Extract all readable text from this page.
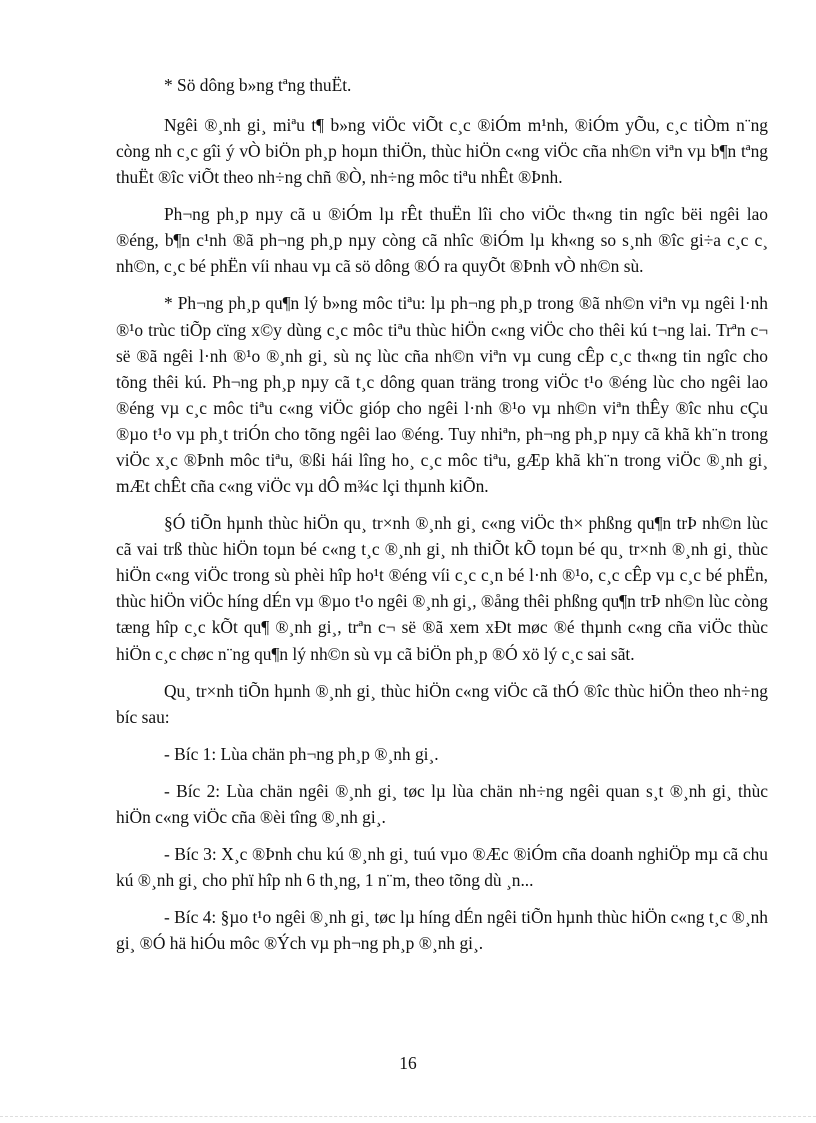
* Sö dông b»ng tªng thuËt.

Ngêi ®¸nh gi¸ miªu t¶ b»ng viÖc viÕt c¸c ®iÓm m¹nh, ®iÓm yÕu, c¸c tiÒm n¨ng còng nh c¸c gîi ý vÒ biÖn ph¸p hoµn thiÖn, thùc hiÖn c«ng viÖc cña nh©n viªn vµ b¶n tªng thuËt ®îc viÕt theo nh÷ng chñ ®Ò, nh÷ng môc tiªu nhÊt ®Þnh.

Ph¬ng ph¸p nµy cã u ®iÓm lµ rÊt thuËn lîi cho viÖc th«ng tin ngîc bëi ngêi lao ®éng, b¶n c¹nh ®ã ph¬ng ph¸p nµy còng cã nhîc ®iÓm lµ kh«ng so s¸nh ®îc gi÷a c¸c c¸ nh©n, c¸c bé phËn víi nhau vµ cã sö dông ®Ó ra quyÕt ®Þnh vÒ nh©n sù.

* Ph¬ng ph¸p qu¶n lý b»ng môc tiªu: lµ ph¬ng ph¸p trong ®ã nh©n viªn vµ ngêi l·nh ®¹o trùc tiÕp cïng x©y dùng c¸c môc tiªu thùc hiÖn c«ng viÖc cho thêi kú t¬ng lai. Trªn c¬ së ®ã ngêi l·nh ®¹o ®¸nh gi¸ sù nç lùc cña nh©n viªn vµ cung cÊp c¸c th«ng tin ngîc cho tõng thêi kú. Ph¬ng ph¸p nµy cã t¸c dông quan träng trong viÖc t¹o ®éng lùc cho ngêi lao ®éng vµ c¸c môc tiªu c«ng viÖc gióp cho ngêi l·nh ®¹o vµ nh©n viªn thÊy ®îc nhu cÇu ®µo t¹o vµ ph¸t triÓn cho tõng ngêi lao ®éng. Tuy nhiªn, ph¬ng ph¸p nµy cã khã kh¨n trong viÖc x¸c ®Þnh môc tiªu, ®ßi hái lîng ho¸ c¸c môc tiªu, gÆp khã kh¨n trong viÖc ®¸nh gi¸ mÆt chÊt cña c«ng viÖc vµ dÔ m¾c lçi thµnh kiÕn.

§Ó tiÕn hµnh thùc hiÖn qu¸ tr×nh ®¸nh gi¸ c«ng viÖc th× phßng qu¶n trÞ nh©n lùc cã vai trß thùc hiÖn toµn bé c«ng t¸c ®¸nh gi¸ nh thiÕt kÕ toµn bé qu¸ tr×nh ®¸nh gi¸ thùc hiÖn c«ng viÖc trong sù phèi hîp ho¹t ®éng víi c¸c c¸n bé l·nh ®¹o, c¸c cÊp vµ c¸c bé phËn, thùc hiÖn viÖc híng dÉn vµ ®µo t¹o ngêi ®¸nh gi¸, ®ång thêi phßng qu¶n trÞ nh©n lùc còng tæng hîp c¸c kÕt qu¶ ®¸nh gi¸, trªn c¬ së ®ã xem xÐt møc ®é thµnh c«ng cña viÖc thùc hiÖn c¸c chøc n¨ng qu¶n lý nh©n sù vµ cã biÖn ph¸p ®Ó xö lý c¸c sai sãt.

Qu¸ tr×nh tiÕn hµnh ®¸nh gi¸ thùc hiÖn c«ng viÖc cã thÓ ®îc thùc hiÖn theo nh÷ng bíc sau:

- Bíc 1: Lùa chän ph¬ng ph¸p ®¸nh gi¸.

- Bíc 2: Lùa chän ngêi ®¸nh gi¸ tøc lµ lùa chän nh÷ng ngêi quan s¸t ®¸nh gi¸ thùc hiÖn c«ng viÖc cña ®èi tîng ®¸nh gi¸.

- Bíc 3: X¸c ®Þnh chu kú ®¸nh gi¸ tuú vµo ®Æc ®iÓm cña doanh nghiÖp mµ cã chu kú ®¸nh gi¸ cho phï hîp nh 6 th¸ng, 1 n¨m, theo tõng dù ¸n...

- Bíc 4: §µo t¹o ngêi ®¸nh gi¸ tøc lµ híng dÉn ngêi tiÕn hµnh thùc hiÖn c«ng t¸c ®¸nh gi¸ ®Ó hä hiÓu môc ®Ých vµ ph¬ng ph¸p ®¸nh gi¸.

16
